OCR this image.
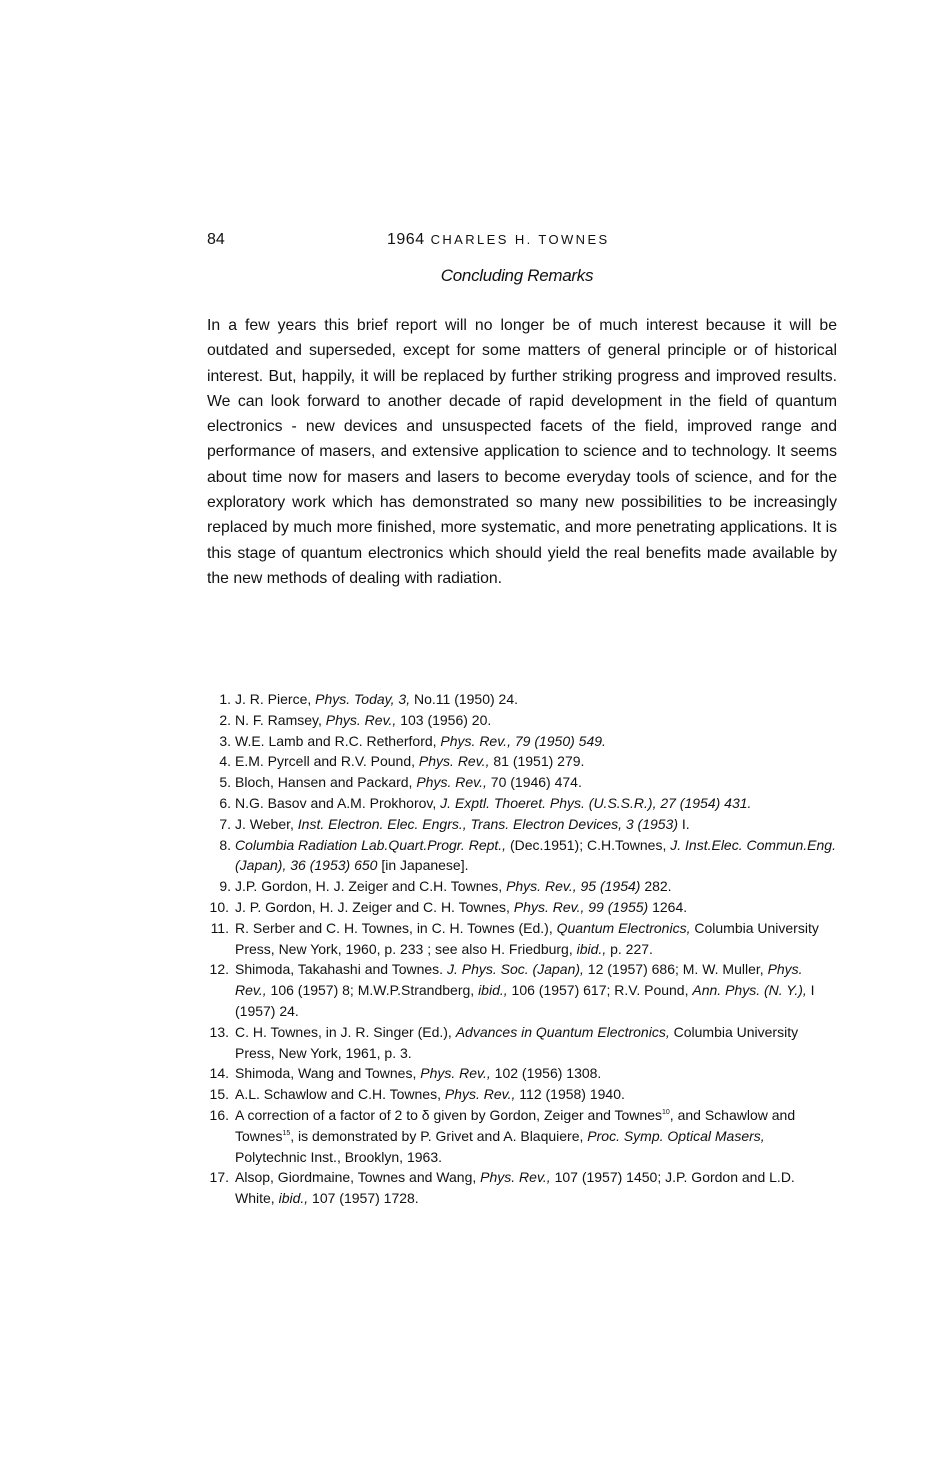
84	1964 CHARLES H. TOWNES
Concluding Remarks

In a few years this brief report will no longer be of much interest because it will be outdated and superseded, except for some matters of general principle or of historical interest. But, happily, it will be replaced by further striking progress and improved results. We can look forward to another decade of rapid development in the field of quantum electronics - new devices and unsuspected facets of the field, improved range and performance of masers, and extensive application to science and to technology. It seems about time now for masers and lasers to become everyday tools of science, and for the exploratory work which has demonstrated so many new possibilities to be increasingly replaced by much more finished, more systematic, and more penetrating applications. It is this stage of quantum electronics which should yield the real benefits made available by the new methods of dealing with radiation.

1. J. R. Pierce, Phys. Today, 3, No.11 (1950) 24.
2. N. F. Ramsey, Phys. Rev., 103 (1956) 20.
3. W.E. Lamb and R.C. Retherford, Phys. Rev., 79 (1950) 549.
4. E.M. Pyrcell and R.V. Pound, Phys. Rev., 81 (1951) 279.
5. Bloch, Hansen and Packard, Phys. Rev., 70 (1946) 474.
6. N.G. Basov and A.M. Prokhorov, J. Exptl. Thoeret. Phys. (U.S.S.R.), 27 (1954) 431.
7. J. Weber, Inst. Electron. Elec. Engrs., Trans. Electron Devices, 3 (1953) I.
8. Columbia Radiation Lab.Quart.Progr. Rept., (Dec.1951); C.H.Townes, J. Inst.Elec. Commun.Eng. (Japan), 36 (1953) 650 [in Japanese].
9. J.P. Gordon, H. J. Zeiger and C.H. Townes, Phys. Rev., 95 (1954) 282.
10. J. P. Gordon, H. J. Zeiger and C. H. Townes, Phys. Rev., 99 (1955) 1264.
11. R. Serber and C. H. Townes, in C. H. Townes (Ed.), Quantum Electronics, Columbia University Press, New York, 1960, p. 233 ; see also H. Friedburg, ibid., p. 227.
12. Shimoda, Takahashi and Townes. J. Phys. Soc. (Japan), 12 (1957) 686; M. W. Muller, Phys. Rev., 106 (1957) 8; M.W.P.Strandberg, ibid., 106 (1957) 617; R.V. Pound, Ann. Phys. (N. Y.), I (1957) 24.
13. C. H. Townes, in J. R. Singer (Ed.), Advances in Quantum Electronics, Columbia University Press, New York, 1961, p. 3.
14. Shimoda, Wang and Townes, Phys. Rev., 102 (1956) 1308.
15. A.L. Schawlow and C.H. Townes, Phys. Rev., 112 (1958) 1940.
16. A correction of a factor of 2 to δ given by Gordon, Zeiger and Townes$^{10}$, and Schawlow and Townes$^{15}$, is demonstrated by P. Grivet and A. Blaquiere, Proc. Symp. Optical Masers, Polytechnic Inst., Brooklyn, 1963.
17. Alsop, Giordmaine, Townes and Wang, Phys. Rev., 107 (1957) 1450; J.P. Gordon and L.D. White, ibid., 107 (1957) 1728.
